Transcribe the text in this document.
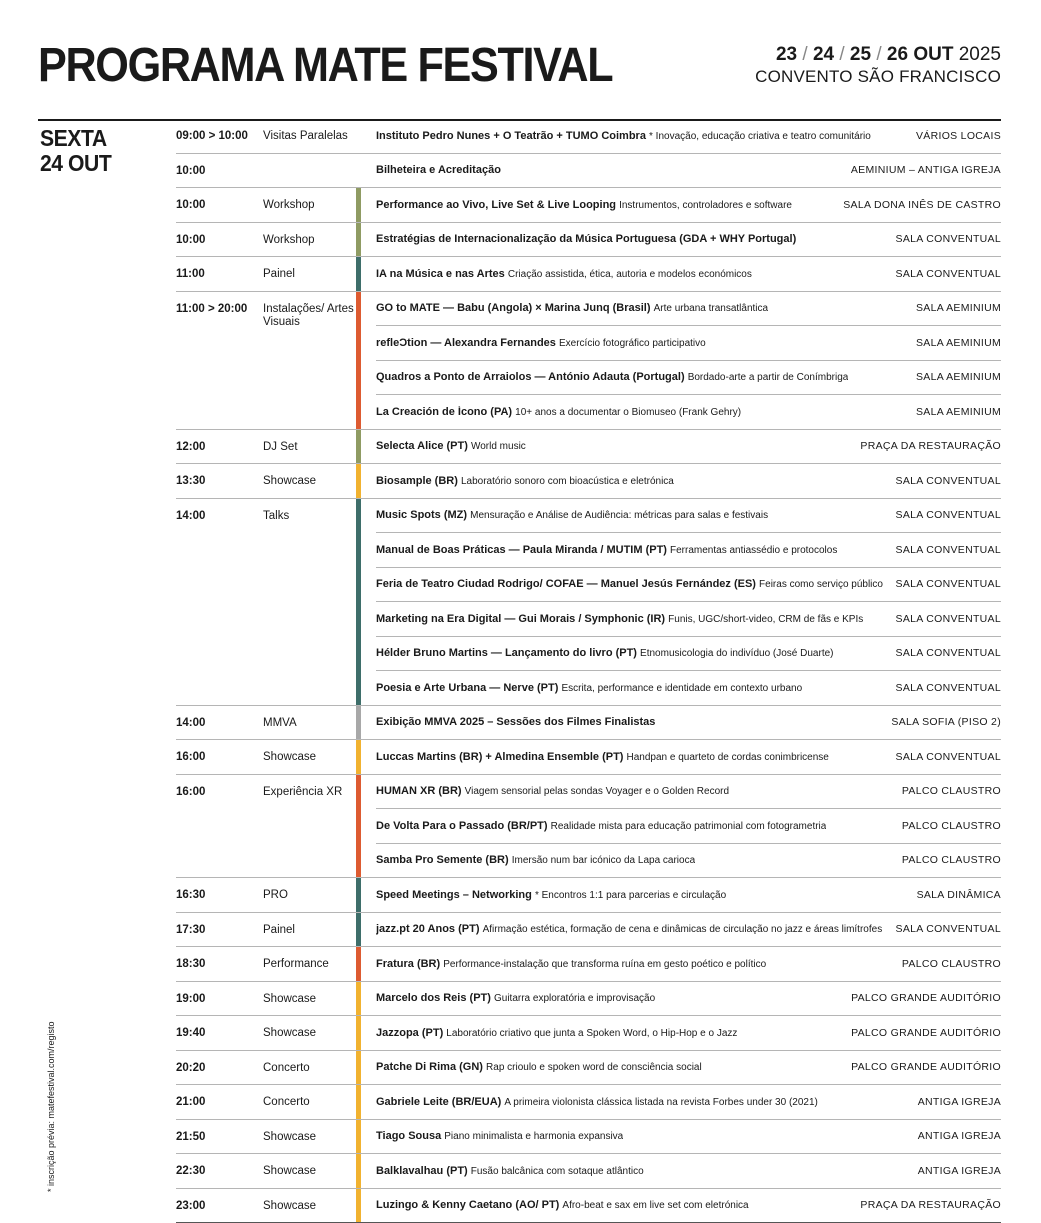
PROGRAMA MATE FESTIVAL	23 / 24 / 25 / 26 OUT 2025
CONVENTO SÃO FRANCISCO
SEXTA
24 OUT
* inscrição prévia: matefestival.com/registo
09:00 > 10:00	Visitas Paralelas	Instituto Pedro Nunes + O Teatrão + TUMO Coimbra * Inovação, educação criativa e teatro comunitário	VÁRIOS LOCAIS
10:00	Bilheteira e Acreditação	AEMINIUM – ANTIGA IGREJA
10:00	Workshop	Performance ao Vivo, Live Set & Live Looping Instrumentos, controladores e software	SALA DONA INÊS DE CASTRO
10:00	Workshop	Estratégias de Internacionalização da Música Portuguesa (GDA + WHY Portugal)	SALA CONVENTUAL
11:00	Painel	IA na Música e nas Artes Criação assistida, ética, autoria e modelos económicos	SALA CONVENTUAL
11:00 > 20:00	Instalações/ Artes Visuais
GO to MATE — Babu (Angola) × Marina Junq (Brasil) Arte urbana transatlântica	SALA AEMINIUM
refleƆtion — Alexandra Fernandes Exercício fotográfico participativo	SALA AEMINIUM
Quadros a Ponto de Arraiolos — António Adauta (Portugal) Bordado-arte a partir de Conímbriga	SALA AEMINIUM
La Creación de Ícono (PA) 10+ anos a documentar o Biomuseo (Frank Gehry)	SALA AEMINIUM
12:00	DJ Set	Selecta Alice (PT) World music	PRAÇA DA RESTAURAÇÃO
13:30	Showcase	Biosample (BR) Laboratório sonoro com bioacústica e eletrónica	SALA CONVENTUAL
14:00	Talks	Music Spots (MZ) Mensuração e Análise de Audiência: métricas para salas e festivais	SALA CONVENTUAL
Manual de Boas Práticas — Paula Miranda / MUTIM (PT) Ferramentas antiassédio e protocolos	SALA CONVENTUAL
Feria de Teatro Ciudad Rodrigo/ COFAE — Manuel Jesús Fernández (ES) Feiras como serviço público	SALA CONVENTUAL
Marketing na Era Digital — Gui Morais / Symphonic (IR) Funis, UGC/short-video, CRM de fãs e KPIs	SALA CONVENTUAL
Hélder Bruno Martins — Lançamento do livro (PT) Etnomusicologia do indivíduo (José Duarte)	SALA CONVENTUAL
Poesia e Arte Urbana — Nerve (PT) Escrita, performance e identidade em contexto urbano	SALA CONVENTUAL
14:00	MMVA	Exibição MMVA 2025 – Sessões dos Filmes Finalistas	SALA SOFIA (PISO 2)
16:00	Showcase	Luccas Martins (BR) + Almedina Ensemble (PT) Handpan e quarteto de cordas conimbricense	SALA CONVENTUAL
16:00	Experiência XR	HUMAN XR (BR) Viagem sensorial pelas sondas Voyager e o Golden Record	PALCO CLAUSTRO
De Volta Para o Passado (BR/PT) Realidade mista para educação patrimonial com fotogrametria	PALCO CLAUSTRO
Samba Pro Semente (BR) Imersão num bar icónico da Lapa carioca	PALCO CLAUSTRO
16:30	PRO	Speed Meetings – Networking * Encontros 1:1 para parcerias e circulação	SALA DINÂMICA
17:30	Painel	jazz.pt 20 Anos (PT) Afirmação estética, formação de cena e dinâmicas de circulação no jazz e áreas limítrofes	SALA CONVENTUAL
18:30	Performance	Fratura (BR) Performance-instalação que transforma ruína em gesto poético e político	PALCO CLAUSTRO
19:00	Showcase	Marcelo dos Reis (PT) Guitarra exploratória e improvisação	PALCO GRANDE AUDITÓRIO
19:40	Showcase	Jazzopa (PT) Laboratório criativo que junta a Spoken Word, o Hip-Hop e o Jazz	PALCO GRANDE AUDITÓRIO
20:20	Concerto	Patche Di Rima (GN) Rap crioulo e spoken word de consciência social	PALCO GRANDE AUDITÓRIO
21:00	Concerto	Gabriele Leite (BR/EUA) A primeira violonista clássica listada na revista Forbes under 30 (2021)	ANTIGA IGREJA
21:50	Showcase	Tiago Sousa Piano minimalista e harmonia expansiva	ANTIGA IGREJA
22:30	Showcase	Balklavalhau (PT) Fusão balcânica com sotaque atlântico	ANTIGA IGREJA
23:00	Showcase	Luzingo & Kenny Caetano (AO/ PT) Afro-beat e sax em live set com eletrónica	PRAÇA DA RESTAURAÇÃO
